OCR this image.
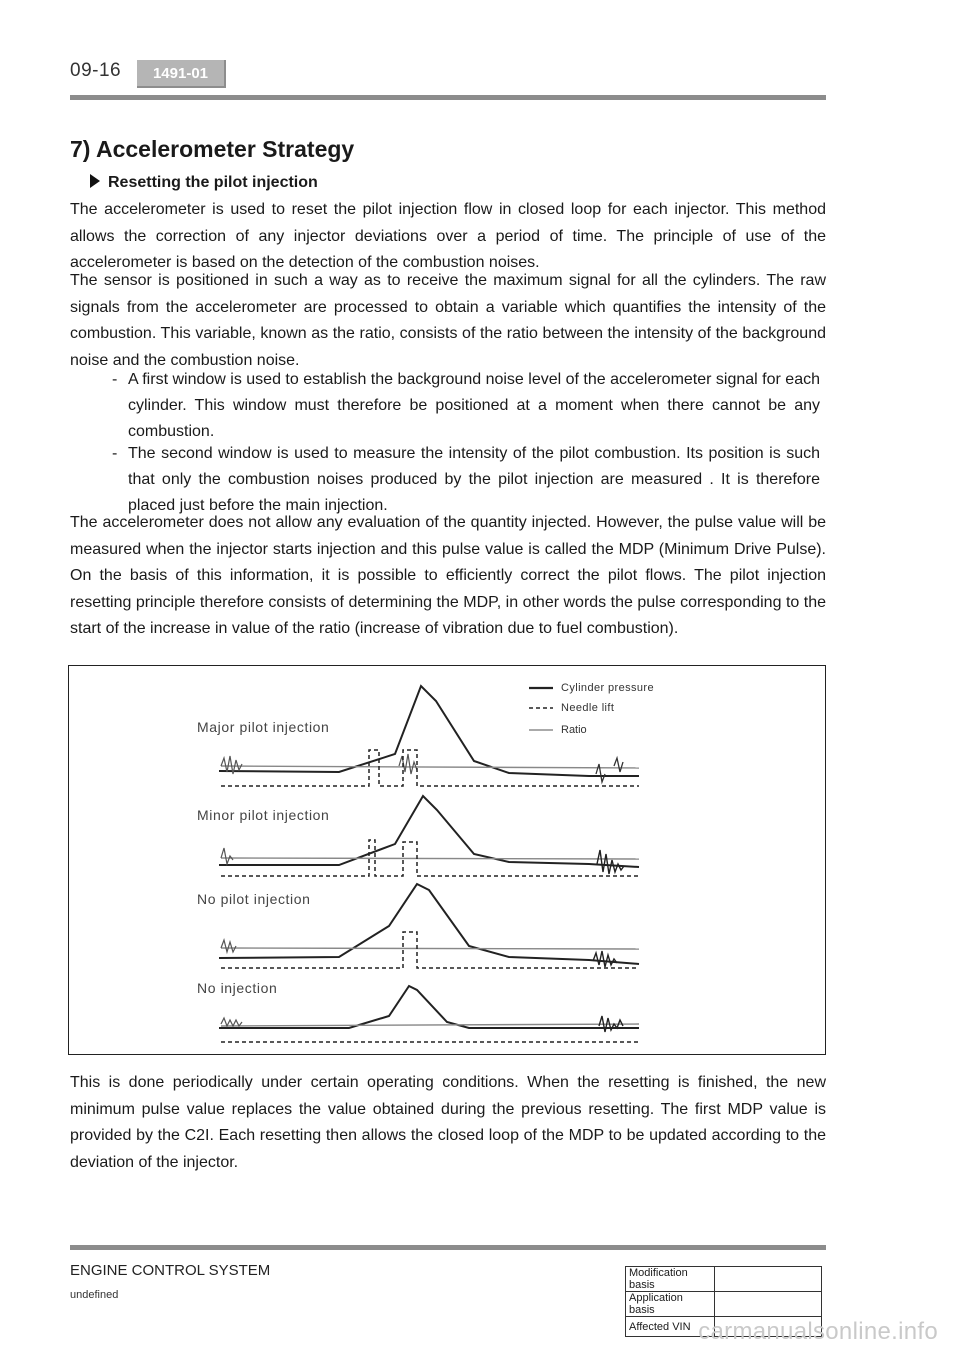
09-16	1491-01
7) Accelerometer Strategy
Resetting the pilot injection

The accelerometer is used to reset the pilot injection flow in closed loop for each injector. This method allows the correction of any injector deviations over a period of time. The principle of use of the accelerometer is based on the detection of the combustion noises.

The sensor is positioned in such a way as to receive the maximum signal for all the cylinders. The raw signals from the accelerometer are processed to obtain a variable which quantifies the intensity of the combustion. This variable, known as the ratio, consists of the ratio between the intensity of the background noise and the combustion noise.

- A first window is used to establish the background noise level of the accelerometer signal for each cylinder. This window must therefore be positioned at a moment when there cannot be any combustion.

- The second window is used to measure the intensity of the pilot combustion. Its position is such that only the combustion noises produced by the pilot injection are measured . It is therefore placed just before the main injection.

The accelerometer does not allow any evaluation of the quantity injected. However, the pulse value will be measured when the injector starts injection and this pulse value is called the MDP (Minimum Drive Pulse). On the basis of this information, it is possible to efficiently correct the pilot flows. The pilot injection resetting principle therefore consists of determining the MDP, in other words the pulse corresponding to the start of the increase in value of the ratio (increase of vibration due to fuel combustion).

Cylinder pressure
Needle lift
Ratio
Major pilot injection
Minor pilot injection
No pilot injection
No injection

This is done periodically under certain operating conditions. When the resetting is finished, the new minimum pulse value replaces the value obtained during the previous resetting. The first MDP value is provided by the C2I. Each resetting then allows the closed loop of the MDP to be updated according to the deviation of the injector.

ENGINE CONTROL SYSTEM
undefined
Modification basis	
Application basis	
Affected VIN	carmanualsonline.info
